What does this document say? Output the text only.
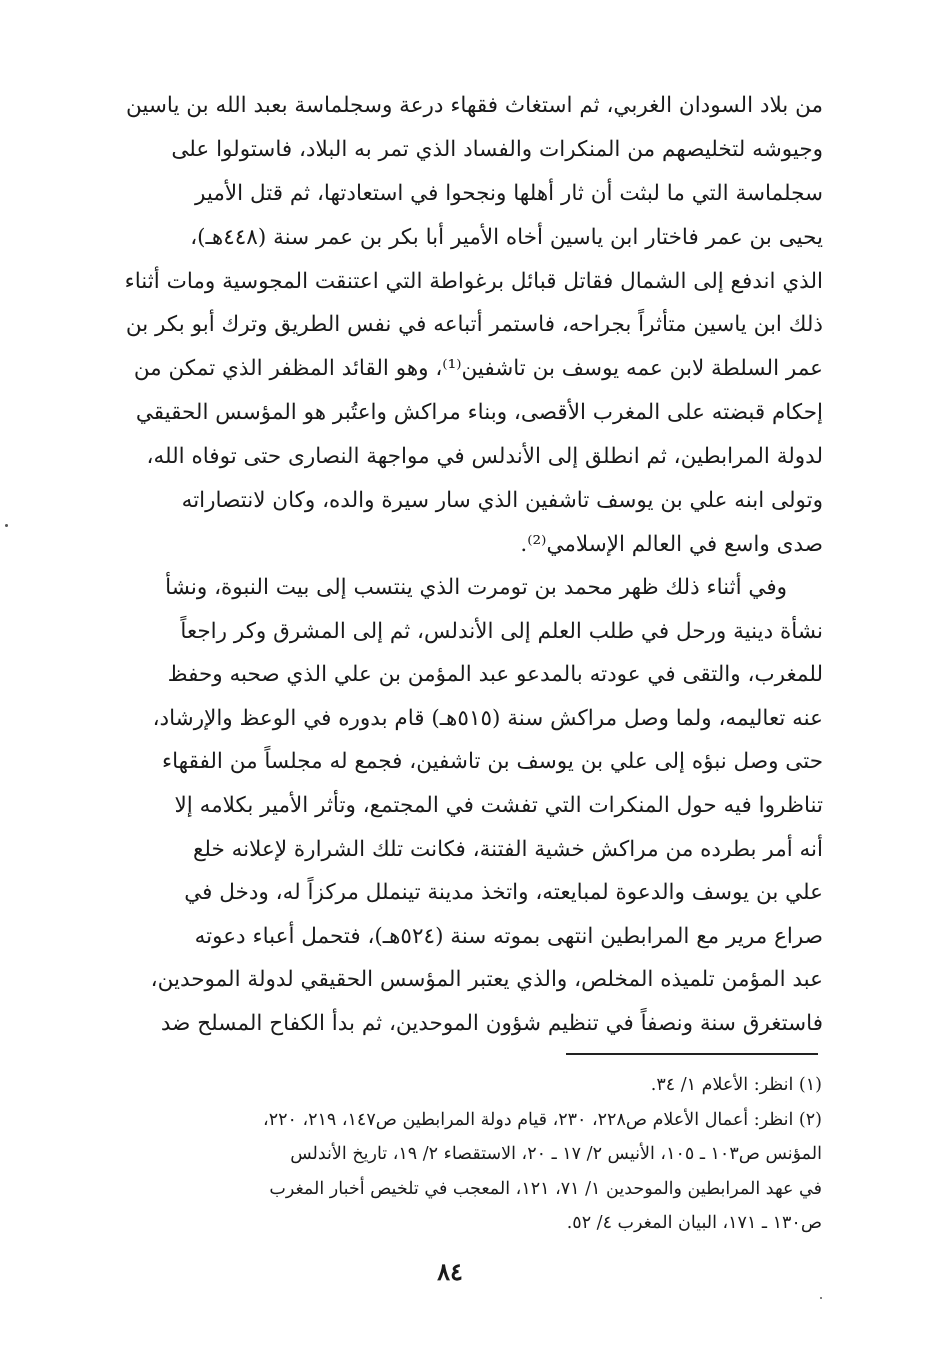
من بلاد السودان الغربي، ثم استغاث فقهاء درعة وسجلماسة بعبد الله بن ياسين
وجيوشه لتخليصهم من المنكرات والفساد الذي تمر به البلاد، فاستولوا على
سجلماسة التي ما لبثت أن ثار أهلها ونجحوا في استعادتها، ثم قتل الأمير
يحيى بن عمر فاختار ابن ياسين أخاه الأمير أبا بكر بن عمر سنة (٤٤٨هـ)،
الذي اندفع إلى الشمال فقاتل قبائل برغواطة التي اعتنقت المجوسية ومات أثناء
ذلك ابن ياسين متأثراً بجراحه، فاستمر أتباعه في نفس الطريق وترك أبو بكر بن
عمر السلطة لابن عمه يوسف بن تاشفين⁽¹⁾، وهو القائد المظفر الذي تمكن من
إحكام قبضته على المغرب الأقصى، وبناء مراكش واعتُبر هو المؤسس الحقيقي
لدولة المرابطين، ثم انطلق إلى الأندلس في مواجهة النصارى حتى توفاه الله،
وتولى ابنه علي بن يوسف تاشفين الذي سار سيرة والده، وكان لانتصاراته
صدى واسع في العالم الإسلامي⁽²⁾.
وفي أثناء ذلك ظهر محمد بن تومرت الذي ينتسب إلى بيت النبوة، ونشأ
نشأة دينية ورحل في طلب العلم إلى الأندلس، ثم إلى المشرق وكر راجعاً
للمغرب، والتقى في عودته بالمدعو عبد المؤمن بن علي الذي صحبه وحفظ
عنه تعاليمه، ولما وصل مراكش سنة (٥١٥هـ) قام بدوره في الوعظ والإرشاد،
حتى وصل نبؤه إلى علي بن يوسف بن تاشفين، فجمع له مجلساً من الفقهاء
تناظروا فيه حول المنكرات التي تفشت في المجتمع، وتأثر الأمير بكلامه إلا
أنه أمر بطرده من مراكش خشية الفتنة، فكانت تلك الشرارة لإعلانه خلع
علي بن يوسف والدعوة لمبايعته، واتخذ مدينة تينملل مركزاً له، ودخل في
صراع مرير مع المرابطين انتهى بموته سنة (٥٢٤هـ)، فتحمل أعباء دعوته
عبد المؤمن تلميذه المخلص، والذي يعتبر المؤسس الحقيقي لدولة الموحدين،
فاستغرق سنة ونصفاً في تنظيم شؤون الموحدين، ثم بدأ الكفاح المسلح ضد
(١) انظر: الأعلام ١/ ٣٤.
(٢) انظر: أعمال الأعلام ص٢٢٨، ٢٣٠، قيام دولة المرابطين ص١٤٧، ٢١٩، ٢٢٠،
المؤنس ص١٠٣ ـ ١٠٥، الأنيس ٢/ ١٧ ـ ٢٠، الاستقصاء ٢/ ١٩، تاريخ الأندلس
في عهد المرابطين والموحدين ١/ ٧١، ١٢١، المعجب في تلخيص أخبار المغرب
ص١٣٠ ـ ١٧١، البيان المغرب ٤/ ٥٢.
٨٤
